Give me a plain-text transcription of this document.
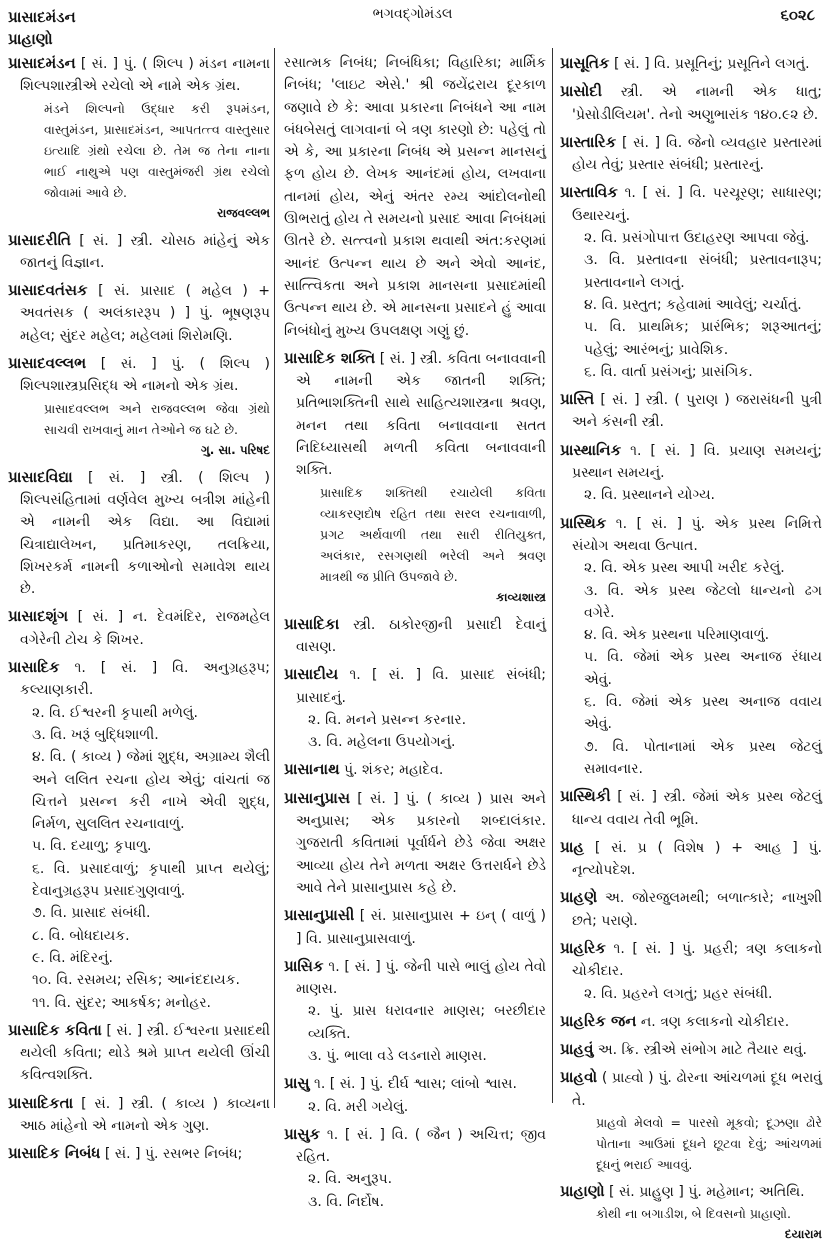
પ્રાસાદમંડન
પ્રાહાણો
ભગવદ્ગોમંડલ	૬૦૨૮
પ્રાસાદમંડન [ સં. ] પું. ( શિલ્પ ) મંડન નામના શિલ્પશાસ્ત્રીએ રચેલો એ નામે એક ગ્રંથ.
મંડને શિલ્પનો ઉદ્ધાર કરી રૂપમંડન, વાસ્તુમંડન, પ્રાસાદમંડન, આપતત્ત્વ વાસ્તુસાર ઇત્યાદિ ગ્રંથો રચેલા છે. તેમ જ તેના નાના ભાઈ નાથુએ પણ વાસ્તુમંજરી ગ્રંથ રચેલો જોવામાં આવે છે.
રાજવલ્લભ
પ્રાસાદરીતિ [ સં. ] સ્ત્રી. ચોસઠ માંહેનું એક જાતનું વિજ્ઞાન.
પ્રાસાદવતંસક [ સં. પ્રાસાદ ( મહેલ ) + અવતંસક ( અલંકારરૂપ ) ] પું. ભૂષણરૂપ મહેલ; સુંદર મહેલ; મહેલમાં શિરોમણિ.
પ્રાસાદવલ્લભ [ સં. ] પું. ( શિલ્પ ) શિલ્પશાસ્ત્રપ્રસિદ્ધ એ નામનો એક ગ્રંથ.
પ્રાસાદવલ્લભ અને રાજવલ્લભ જેવા ગ્રંથો સાચવી રાખવાનું માન તેઓને જ ઘટે છે.
ગુ. સા. પરિષદ
પ્રાસાદવિદ્યા [ સં. ] સ્ત્રી. ( શિલ્પ ) શિલ્પસંહિતામાં વર્ણવેલ મુખ્ય બત્રીશ માંહેની એ નામની એક વિદ્યા. આ વિદ્યામાં ચિત્રાદ્યાલેખન, પ્રતિમાકરણ, તલક્રિયા, શિખરકર્મ નામની કળાઓનો સમાવેશ થાય છે.
પ્રાસાદશૃંગ [ સં. ] ન. દેવમંદિર, રાજમહેલ વગેરેની ટોચ કે શિખર.
પ્રાસાદિક ૧. [ સં. ] વિ. અનુગ્રહરૂપ; કલ્યાણકારી.
૨. વિ. ઈશ્વરની કૃપાથી મળેલું.
૩. વિ. ખરૂં બુદ્ધિશાળી.
૪. વિ. ( કાવ્ય ) જેમાં શુદ્ધ, અગ્રામ્ય શૈલી અને લલિત રચના હોય એવું; વાંચતાં જ ચિત્તને પ્રસન્ન કરી નાખે એવી શુદ્ધ, નિર્મળ, સુલલિત રચનાવાળું.
૫. વિ. દયાળુ; કૃપાળુ.
૬. વિ. પ્રસાદવાળું; કૃપાથી પ્રાપ્ત થયેલું; દેવાનુગ્રહરૂપ પ્રસાદગુણવાળું.
૭. વિ. પ્રાસાદ સંબંધી.
૮. વિ. બોધદાયક.
૯. વિ. મંદિરનું.
૧૦. વિ. રસમય; રસિક; આનંદદાયક.
૧૧. વિ. સુંદર; આકર્ષક; મનોહર.
પ્રાસાદિક કવિતા [ સં. ] સ્ત્રી. ઈશ્વરના પ્રસાદથી થયેલી કવિતા; થોડે શ્રમે પ્રાપ્ત થયેલી ઊંચી કવિત્વશક્તિ.
પ્રાસાદિકતા [ સં. ] સ્ત્રી. ( કાવ્ય ) કાવ્યના આઠ માંહેનો એ નામનો એક ગુણ.
પ્રાસાદિક નિબંધ [ સં. ] પું. રસભર નિબંધ;
રસાત્મક નિબંધ; નિબંધિકા; વિહારિકા; માર્મિક નિબંધ; 'લાઇટ એસે.' શ્રી જયેંદ્રરાય દૂરકાળ જણાવે છે કે: આવા પ્રકારના નિબંધને આ નામ બંધબેસતું લાગવાનાં બે ત્રણ કારણો છે: પહેલું તો એ કે, આ પ્રકારના નિબંધ એ પ્રસન્ન માનસનું ફળ હોય છે. લેખક આનંદમાં હોય, લખવાના તાનમાં હોય, એનું અંતર રમ્ય આંદોલનોથી ઊભરાતું હોય તે સમયનો પ્રસાદ આવા નિબંધમાં ઊતરે છે. સત્ત્વનો પ્રકાશ થવાથી અંત:કરણમાં આનંદ ઉત્પન્ન થાય છે અને એવો આનંદ, સાત્ત્વિકતા અને પ્રકાશ માનસના પ્રસાદમાંથી ઉત્પન્ન થાય છે. એ માનસના પ્રસાદને હું આવા નિબંધોનું મુખ્ય ઉપલક્ષણ ગણું છું.
પ્રાસાદિક શક્તિ [ સં. ] સ્ત્રી. કવિતા બનાવવાની એ નામની એક જાતની શક્તિ; પ્રતિભાશક્તિની સાથે સાહિત્યશાસ્ત્રના શ્રવણ, મનન તથા કવિતા બનાવવાના સતત નિદિધ્યાસથી મળતી કવિતા બનાવવાની શક્તિ.
પ્રાસાદિક શક્તિથી રચાયેલી કવિતા વ્યાકરણદોષ રહિત તથા સરલ રચનાવાળી, પ્રગટ અર્થવાળી તથા સારી રીતિયુક્ત, અલંકાર, રસગણથી ભરેલી અને શ્રવણ માત્રથી જ પ્રીતિ ઉપજાવે છે.
કાવ્યશાસ્ત્ર
પ્રાસાદિકા સ્ત્રી. ઠાકોરજીની પ્રસાદી દેવાનું વાસણ.
પ્રાસાદીય ૧. [ સં. ] વિ. પ્રાસાદ સંબંધી; પ્રાસાદનું.
૨. વિ. મનને પ્રસન્ન કરનાર.
૩. વિ. મહેલના ઉપયોગનું.
પ્રાસાનાથ પું. શંકર; મહાદેવ.
પ્રાસાનુપ્રાસ [ સં. ] પું. ( કાવ્ય ) પ્રાસ અને અનુપ્રાસ; એક પ્રકારનો શબ્દાલંકાર. ગુજરાતી કવિતામાં પૂર્વાર્ધને છેડે જેવા અક્ષર આવ્યા હોય તેને મળતા અક્ષર ઉત્તરાર્ધને છેડે આવે તેને પ્રાસાનુપ્રાસ કહે છે.
પ્રાસાનુપ્રાસી [ સં. પ્રાસાનુપ્રાસ + ઇન્ ( વાળું ) ] વિ. પ્રાસાનુપ્રાસવાળું.
પ્રાસિક ૧. [ સં. ] પું. જેની પાસે ભાલું હોય તેવો માણસ.
૨. પું. પ્રાસ ધરાવનાર માણસ; બરછીદાર વ્યક્તિ.
૩. પું. ભાલા વડે લડનારો માણસ.
પ્રાસુ ૧. [ સં. ] પું. દીર્ઘ શ્વાસ; લાંબો શ્વાસ.
૨. વિ. મરી ગયેલું.
પ્રાસુક ૧. [ સં. ] વિ. ( જૈન ) અચિત્ત; જીવ રહિત.
૨. વિ. અનુરૂપ.
૩. વિ. નિર્દોષ.
પ્રાસૂતિક [ સં. ] વિ. પ્રસૂતિનું; પ્રસૂતિને લગતું.
પ્રાસોદી સ્ત્રી. એ નામની એક ધાતુ; 'પ્રેસોડીલિયમ'. તેનો અણુભારાંક ૧૪૦.૯૨ છે.
પ્રાસ્તારિક [ સં. ] વિ. જેનો વ્યવહાર પ્રસ્તારમાં હોય તેવું; પ્રસ્તાર સંબંધી; પ્રસ્તારનું.
પ્રાસ્તાવિક ૧. [ સં. ] વિ. પરચૂરણ; સાધારણ; ઉથારચનું.
૨. વિ. પ્રસંગોપાત્ત ઉદાહરણ આપવા જેવું.
૩. વિ. પ્રસ્તાવના સંબંધી; પ્રસ્તાવનારૂપ; પ્રસ્તાવનાને લગતું.
૪. વિ. પ્રસ્તુત; કહેવામાં આવેલું; ચર્ચાતું.
૫. વિ. પ્રાથમિક; પ્રારંભિક; શરૂઆતનું; પહેલું; આરંભનું; પ્રાવેશિક.
૬. વિ. વાર્તા પ્રસંગનું; પ્રાસંગિક.
પ્રાસ્તિ [ સં. ] સ્ત્રી. ( પુરાણ ) જરાસંધની પુત્રી અને કંસની સ્ત્રી.
પ્રાસ્થાનિક ૧. [ સં. ] વિ. પ્રયાણ સમયનું; પ્રસ્થાન સમયનું.
૨. વિ. પ્રસ્થાનને યોગ્ય.
પ્રાસ્થિક ૧. [ સં. ] પું. એક પ્રસ્થ નિમિત્તે સંયોગ અથવા ઉત્પાત.
૨. વિ. એક પ્રસ્થ આપી ખરીદ કરેલું.
૩. વિ. એક પ્રસ્થ જેટલો ધાન્યનો ઢગ વગેરે.
૪. વિ. એક પ્રસ્થના પરિમાણવાળું.
૫. વિ. જેમાં એક પ્રસ્થ અનાજ રંધાય એવું.
૬. વિ. જેમાં એક પ્રસ્થ અનાજ વવાય એવું.
૭. વિ. પોતાનામાં એક પ્રસ્થ જેટલું સમાવનાર.
પ્રાસ્થિકી [ સં. ] સ્ત્રી. જેમાં એક પ્રસ્થ જેટલું ધાન્ય વવાય તેવી ભૂમિ.
પ્રાહ [ સં. પ્ર ( વિશેષ ) + આહ ] પું. નૃત્યોપદેશ.
પ્રાહણે અ. જોરજુલમથી; બળાત્કારે; નાખુશી છતે; પરાણે.
પ્રાહરિક ૧. [ સં. ] પું. પ્રહરી; ત્રણ કલાકનો ચોકીદાર.
૨. વિ. પ્રહરને લગતું; પ્રહર સંબંધી.
પ્રાહરિક જન ન. ત્રણ કલાકનો ચોકીદાર.
પ્રાહવું અ. ક્રિ. સ્ત્રીએ સંભોગ માટે તૈયાર થવું.
પ્રાહવો ( પ્રાહ્વો ) પું. ઢોરના આંચળમાં દૂધ ભરાવું તે.
પ્રાહવો મેલવો = પારસો મૂકવો; દૂઝણા ઢોરે પોતાના આઉમાં દૂધને છૂટવા દેવું; આંચળમાં દૂધનું ભરાઈ આવવું.
પ્રાહાણો [ સં. પ્રાહુણ ] પું. મહેમાન; અતિથિ.
કોથી ના બગાડીશ, બે દિવસનો પ્રાહાણો.
દયારામ
